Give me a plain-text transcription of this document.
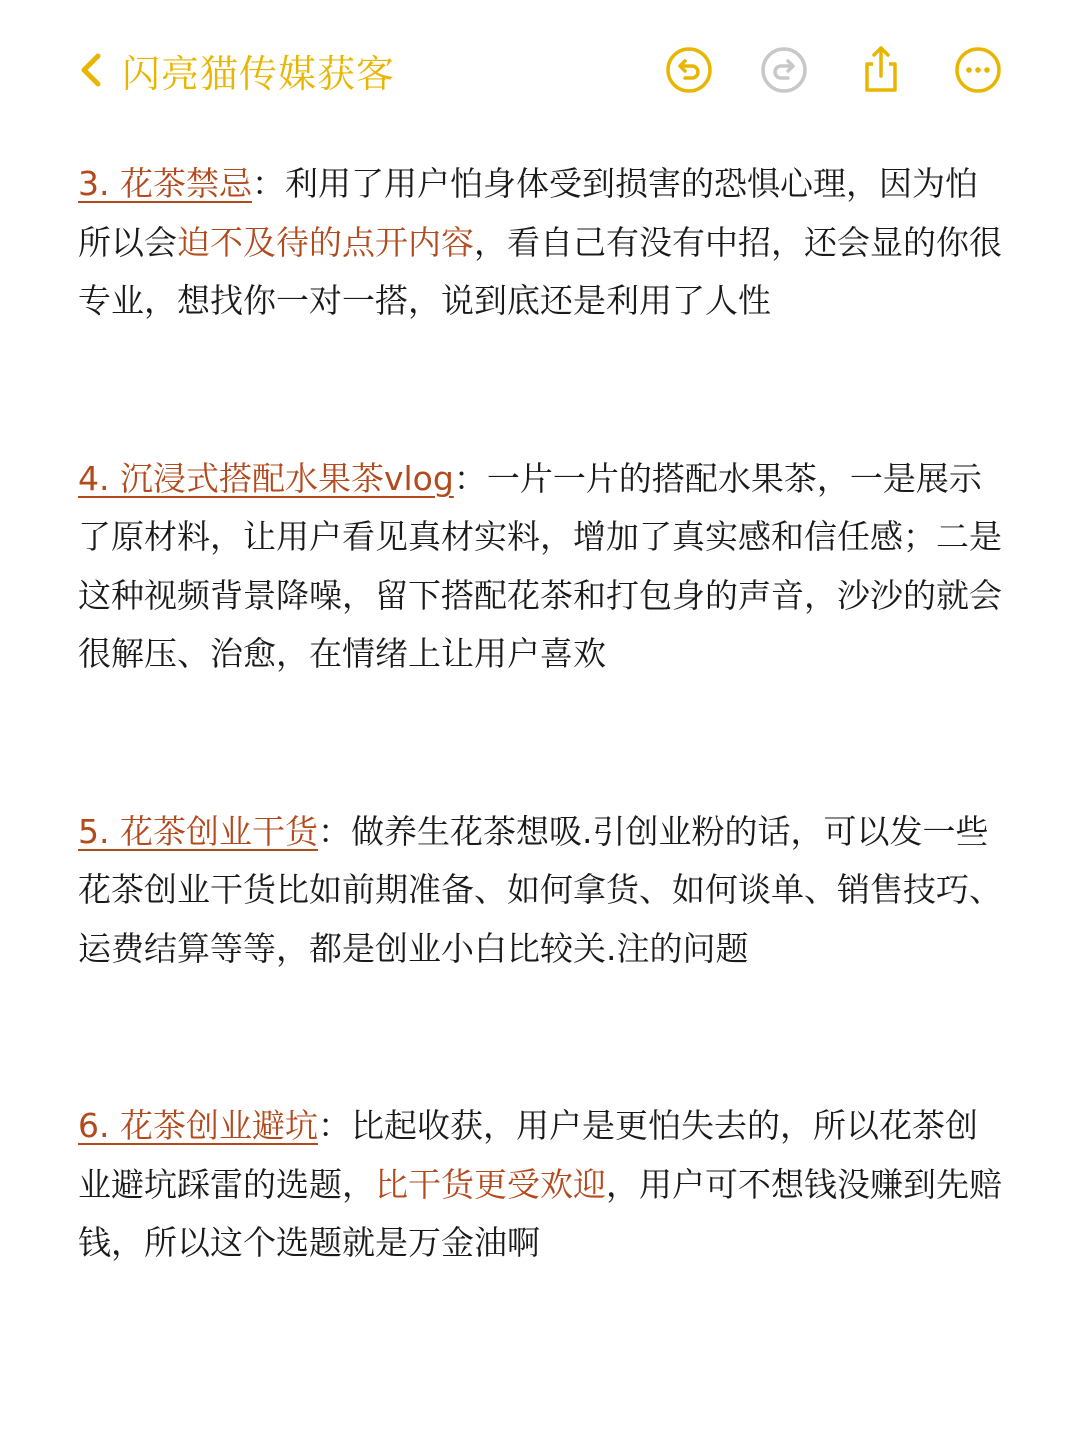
闪亮猫传媒获客

3. 花茶禁忌：利用了用户怕身体受到损害的恐惧心理，因为怕所以会迫不及待的点开内容，看自己有没有中招，还会显的你很专业，想找你一对一搭，说到底还是利用了人性

4. 沉浸式搭配水果茶vlog：一片一片的搭配水果茶，一是展示了原材料，让用户看见真材实料，增加了真实感和信任感；二是这种视频背景降噪，留下搭配花茶和打包身的声音，沙沙的就会很解压、治愈，在情绪上让用户喜欢

5. 花茶创业干货：做养生花茶想吸.引创业粉的话，可以发一些花茶创业干货比如前期准备、如何拿货、如何谈单、销售技巧、运费结算等等，都是创业小白比较关.注的问题

6. 花茶创业避坑：比起收获，用户是更怕失去的，所以花茶创业避坑踩雷的选题，比干货更受欢迎，用户可不想钱没赚到先赔钱，所以这个选题就是万金油啊
